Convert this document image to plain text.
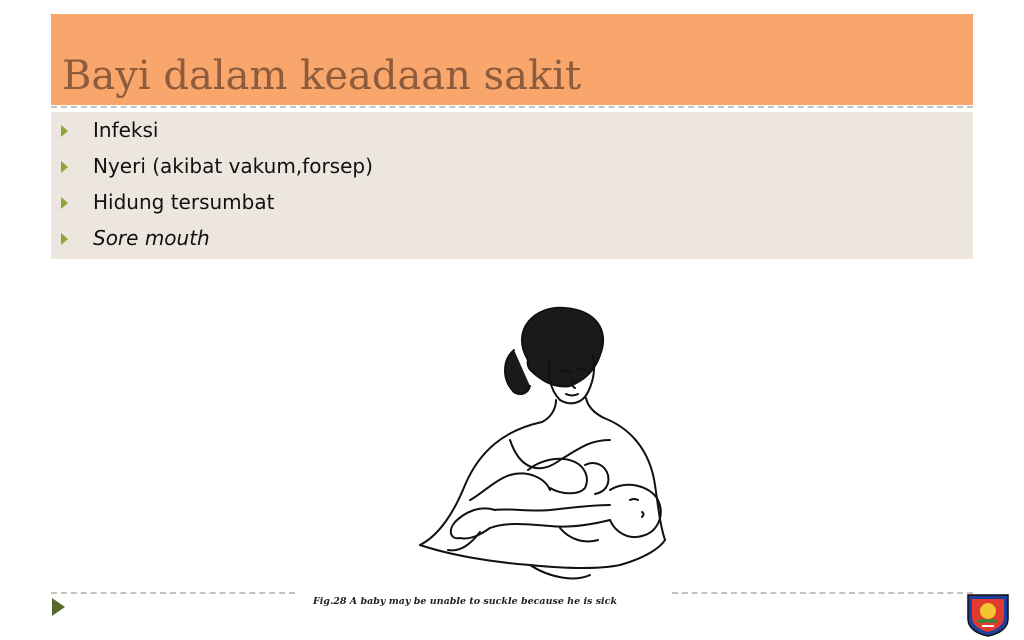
Bayi dalam keadaan sakit
Infeksi
Nyeri (akibat vakum,forsep)
Hidung tersumbat
Sore mouth
Fig.28 A baby may be unable to suckle because he is sick
